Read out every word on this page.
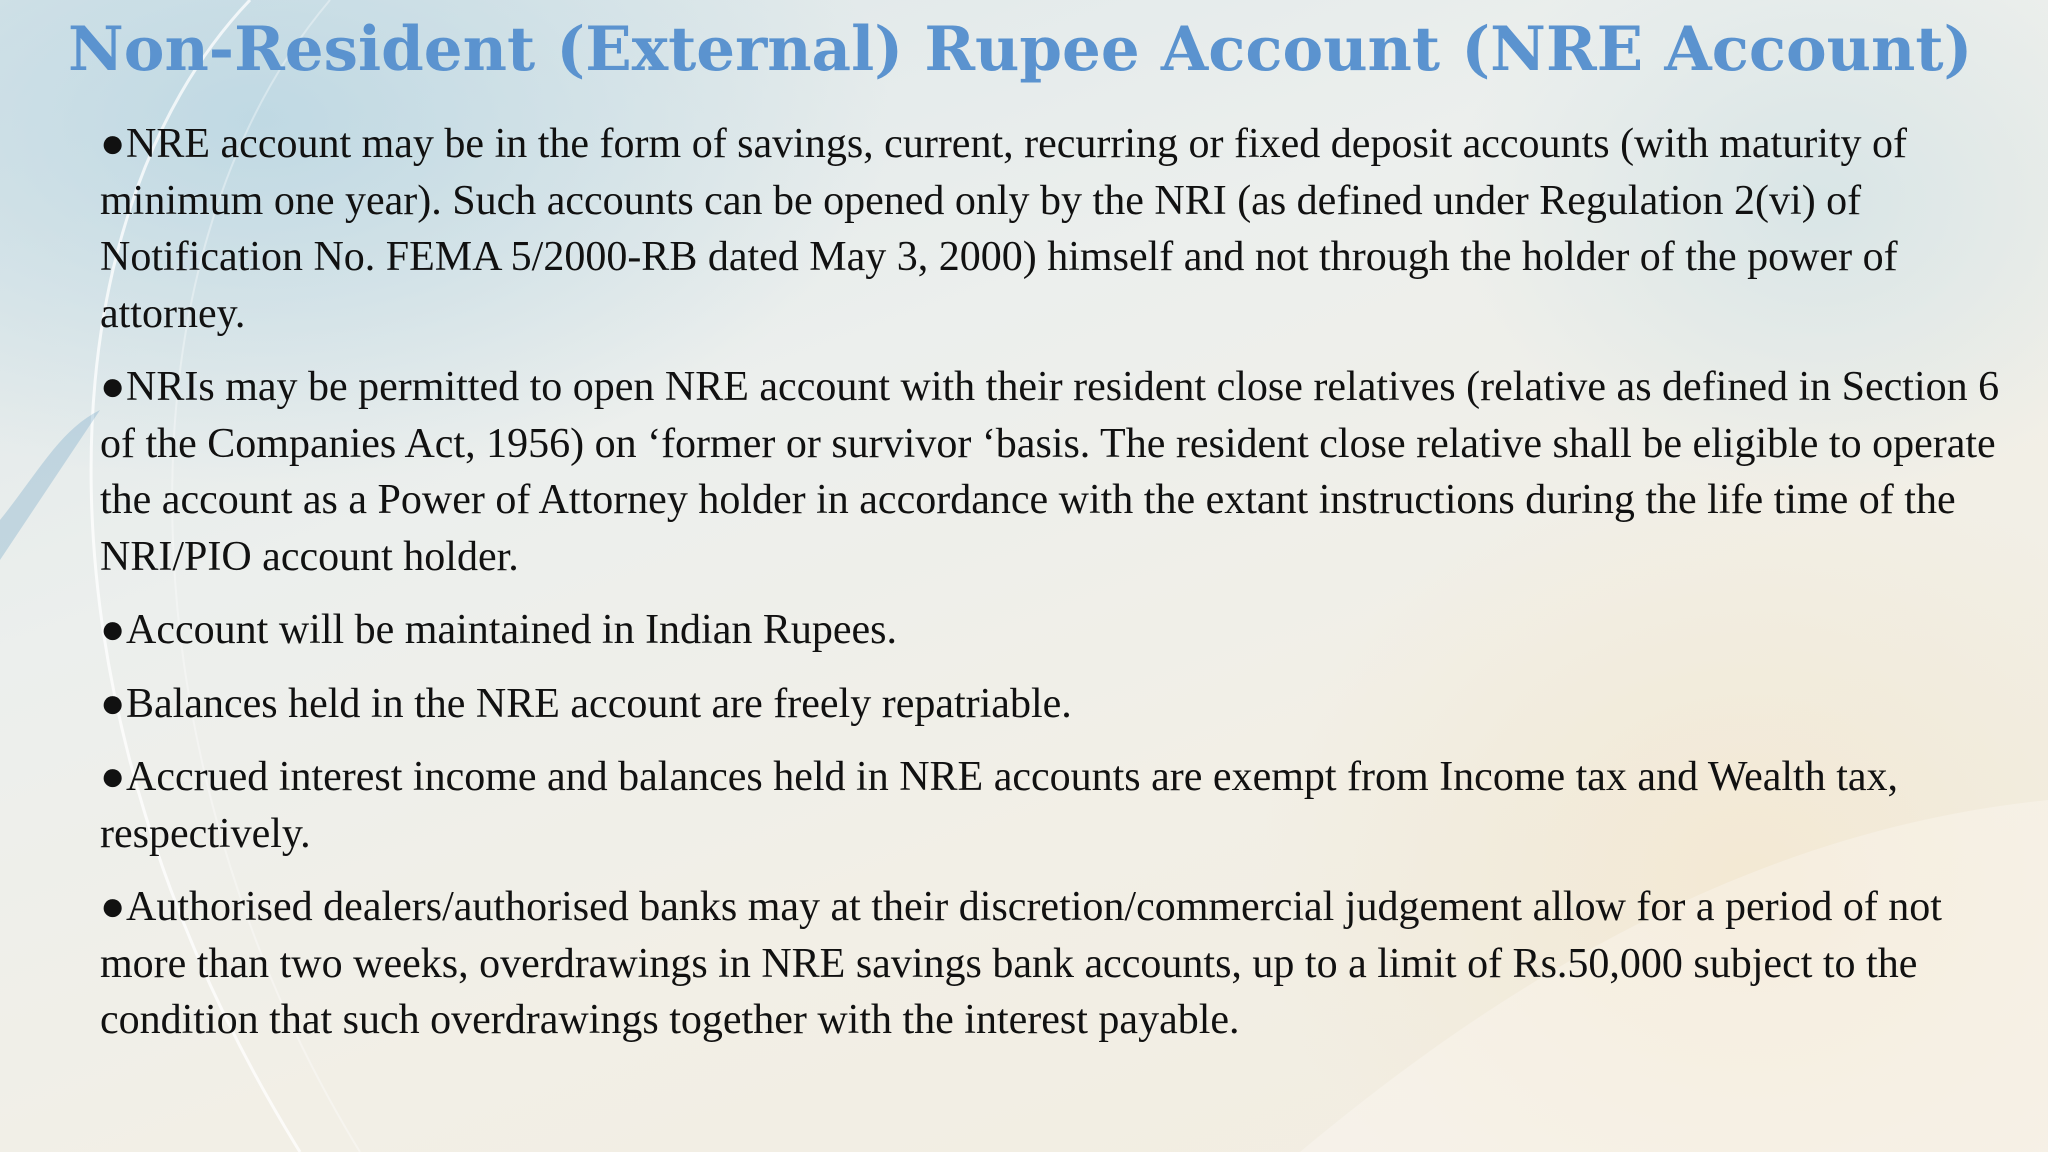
Non-Resident (External) Rupee Account (NRE Account)

●NRE account may be in the form of savings, current, recurring or fixed deposit accounts (with maturity of minimum one year). Such accounts can be opened only by the NRI (as defined under Regulation 2(vi) of Notification No. FEMA 5/2000-RB dated May 3, 2000) himself and not through the holder of the power of attorney.

●NRIs may be permitted to open NRE account with their resident close relatives (relative as defined in Section 6 of the Companies Act, 1956) on ‘former or survivor ‘basis. The resident close relative shall be eligible to operate the account as a Power of Attorney holder in accordance with the extant instructions during the life time of the NRI/PIO account holder.

●Account will be maintained in Indian Rupees.

●Balances held in the NRE account are freely repatriable.

●Accrued interest income and balances held in NRE accounts are exempt from Income tax and Wealth tax, respectively.

●Authorised dealers/authorised banks may at their discretion/commercial judgement allow for a period of not more than two weeks, overdrawings in NRE savings bank accounts, up to a limit of Rs.50,000 subject to the condition that such overdrawings together with the interest payable.
